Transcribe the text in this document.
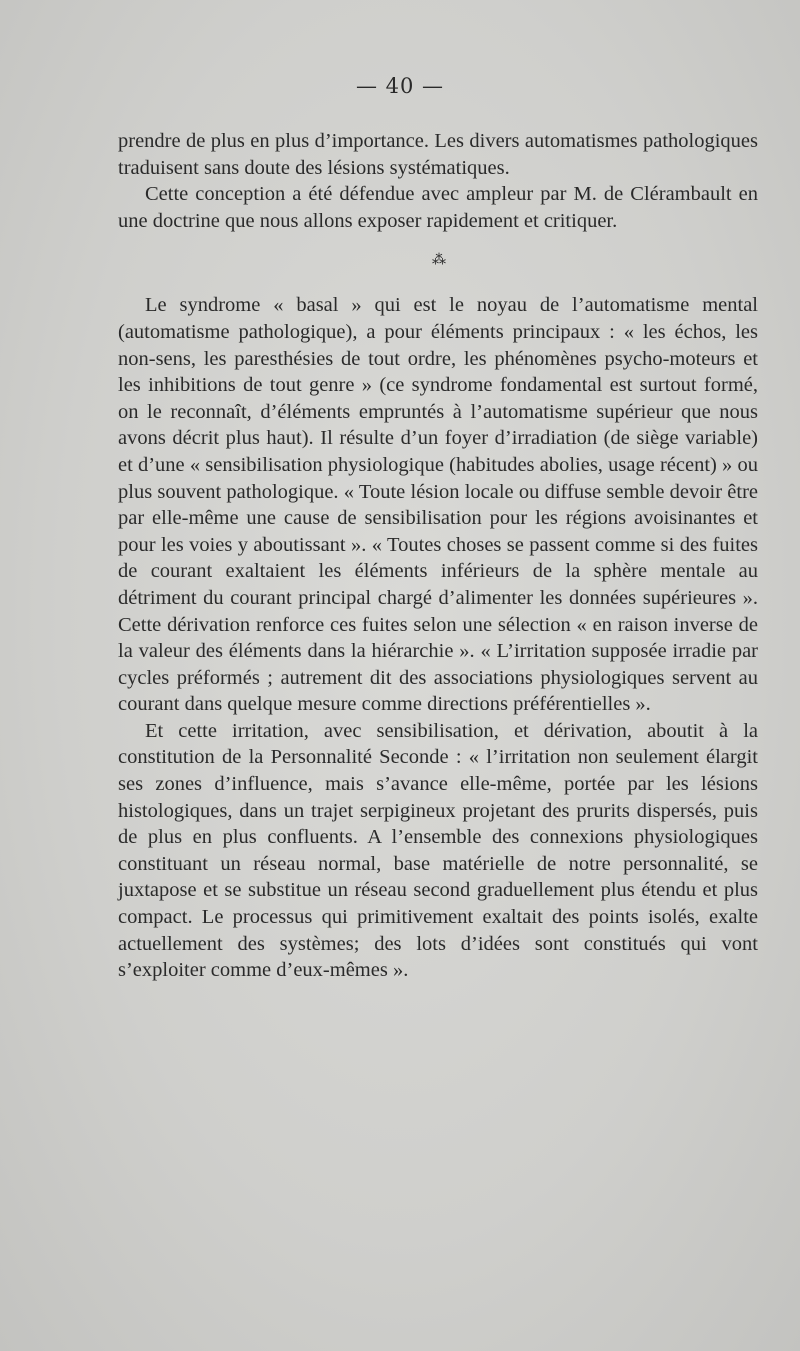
— 40 —

prendre de plus en plus d’importance. Les divers automatismes pathologiques traduisent sans doute des lésions systématiques.

Cette conception a été défendue avec ampleur par M. de Clérambault en une doctrine que nous allons exposer rapidement et critiquer.

⁂

Le syndrome « basal » qui est le noyau de l’automatisme mental (automatisme pathologique), a pour éléments principaux : « les échos, les non-sens, les paresthésies de tout ordre, les phénomènes psycho-moteurs et les inhibitions de tout genre » (ce syndrome fondamental est surtout formé, on le reconnaît, d’éléments empruntés à l’automatisme supérieur que nous avons décrit plus haut). Il résulte d’un foyer d’irradiation (de siège variable) et d’une « sensibilisation physiologique (habitudes abolies, usage récent) » ou plus souvent pathologique. « Toute lésion locale ou diffuse semble devoir être par elle-même une cause de sensibilisation pour les régions avoisinantes et pour les voies y aboutissant ». « Toutes choses se passent comme si des fuites de courant exaltaient les éléments inférieurs de la sphère mentale au détriment du courant principal chargé d’alimenter les données supérieures ». Cette dérivation renforce ces fuites selon une sélection « en raison inverse de la valeur des éléments dans la hiérarchie ». « L’irritation supposée irradie par cycles préformés ; autrement dit des associations physiologiques servent au courant dans quelque mesure comme directions préférentielles ».

Et cette irritation, avec sensibilisation, et dérivation, aboutit à la constitution de la Personnalité Seconde : « l’irritation non seulement élargit ses zones d’influence, mais s’avance elle-même, portée par les lésions histologiques, dans un trajet serpigineux projetant des prurits dispersés, puis de plus en plus confluents. A l’ensemble des connexions physiologiques constituant un réseau normal, base matérielle de notre personnalité, se juxtapose et se substitue un réseau second graduellement plus étendu et plus compact. Le processus qui primitivement exaltait des points isolés, exalte actuellement des systèmes; des lots d’idées sont constitués qui vont s’exploiter comme d’eux-mêmes ».
